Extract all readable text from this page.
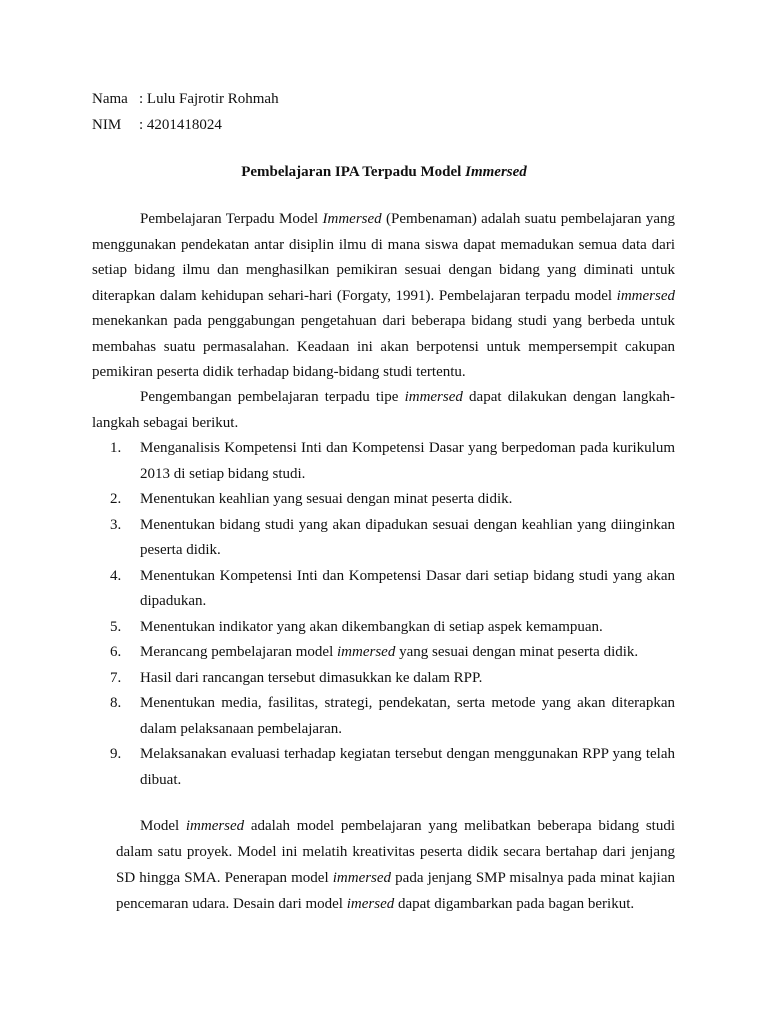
Nama : Lulu Fajrotir Rohmah
NIM	: 4201418024
Pembelajaran IPA Terpadu Model Immersed

Pembelajaran Terpadu Model Immersed (Pembenaman) adalah suatu pembelajaran yang menggunakan pendekatan antar disiplin ilmu di mana siswa dapat memadukan semua data dari setiap bidang ilmu dan menghasilkan pemikiran sesuai dengan bidang yang diminati untuk diterapkan dalam kehidupan sehari-hari (Forgaty, 1991). Pembelajaran terpadu model immersed menekankan pada penggabungan pengetahuan dari beberapa bidang studi yang berbeda untuk membahas suatu permasalahan. Keadaan ini akan berpotensi untuk mempersempit cakupan pemikiran peserta didik terhadap bidang-bidang studi tertentu.

Pengembangan pembelajaran terpadu tipe immersed dapat dilakukan dengan langkah-langkah sebagai berikut.

1.	Menganalisis Kompetensi Inti dan Kompetensi Dasar yang berpedoman pada kurikulum 2013 di setiap bidang studi.
2.	Menentukan keahlian yang sesuai dengan minat peserta didik.
3.	Menentukan bidang studi yang akan dipadukan sesuai dengan keahlian yang diinginkan peserta didik.
4.	Menentukan Kompetensi Inti dan Kompetensi Dasar dari setiap bidang studi yang akan dipadukan.
5.	Menentukan indikator yang akan dikembangkan di setiap aspek kemampuan.
6.	Merancang pembelajaran model immersed yang sesuai dengan minat peserta didik.
7.	Hasil dari rancangan tersebut dimasukkan ke dalam RPP.
8.	Menentukan media, fasilitas, strategi, pendekatan, serta metode yang akan diterapkan dalam pelaksanaan pembelajaran.
9.	Melaksanakan evaluasi terhadap kegiatan tersebut dengan menggunakan RPP yang telah dibuat.

Model immersed adalah model pembelajaran yang melibatkan beberapa bidang studi dalam satu proyek. Model ini melatih kreativitas peserta didik secara bertahap dari jenjang SD hingga SMA. Penerapan model immersed pada jenjang SMP misalnya pada minat kajian pencemaran udara. Desain dari model imersed dapat digambarkan pada bagan berikut.
